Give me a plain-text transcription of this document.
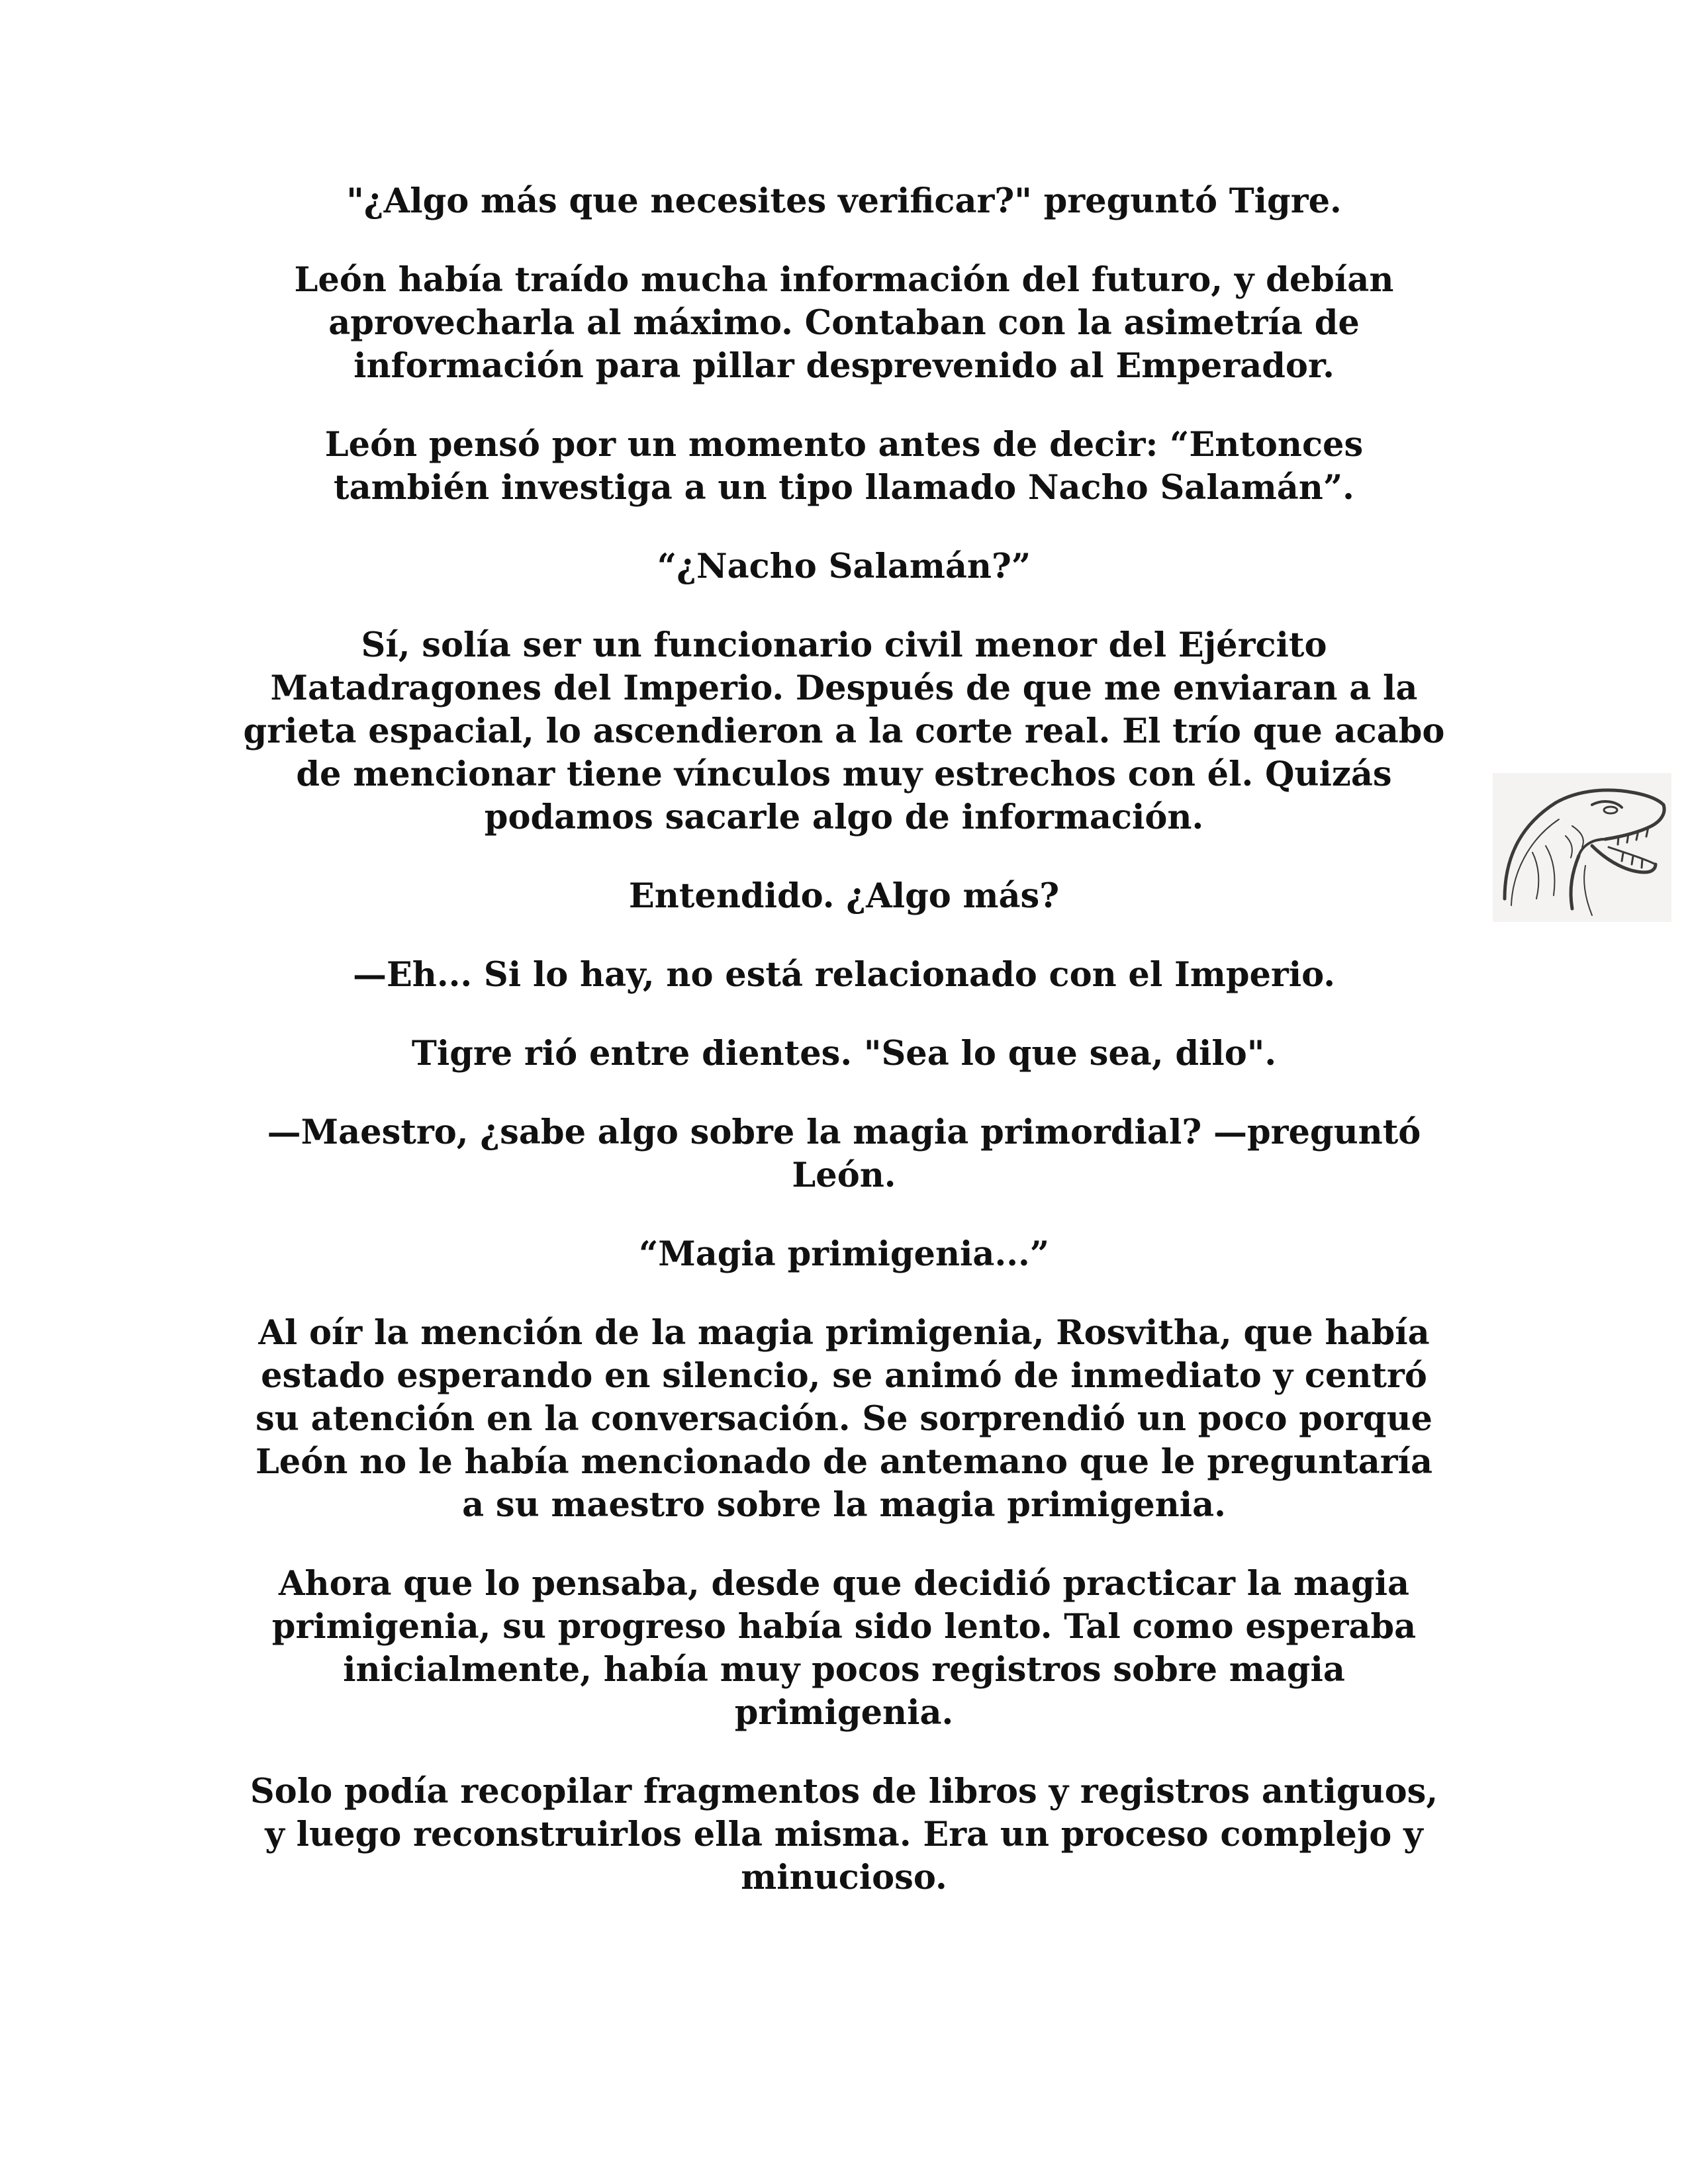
"¿Algo más que necesites verificar?" preguntó Tigre.

León había traído mucha información del futuro, y debían
aprovecharla al máximo. Contaban con la asimetría de
información para pillar desprevenido al Emperador.

León pensó por un momento antes de decir: “Entonces
también investiga a un tipo llamado Nacho Salamán”.

“¿Nacho Salamán?”

Sí, solía ser un funcionario civil menor del Ejército
Matadragones del Imperio. Después de que me enviaran a la
grieta espacial, lo ascendieron a la corte real. El trío que acabo
de mencionar tiene vínculos muy estrechos con él. Quizás
podamos sacarle algo de información.

Entendido. ¿Algo más?

—Eh... Si lo hay, no está relacionado con el Imperio.

Tigre rió entre dientes. "Sea lo que sea, dilo".

—Maestro, ¿sabe algo sobre la magia primordial? —preguntó
León.

“Magia primigenia...”

Al oír la mención de la magia primigenia, Rosvitha, que había
estado esperando en silencio, se animó de inmediato y centró
su atención en la conversación. Se sorprendió un poco porque
León no le había mencionado de antemano que le preguntaría
a su maestro sobre la magia primigenia.

Ahora que lo pensaba, desde que decidió practicar la magia
primigenia, su progreso había sido lento. Tal como esperaba
inicialmente, había muy pocos registros sobre magia
primigenia.

Solo podía recopilar fragmentos de libros y registros antiguos,
y luego reconstruirlos ella misma. Era un proceso complejo y
minucioso.
